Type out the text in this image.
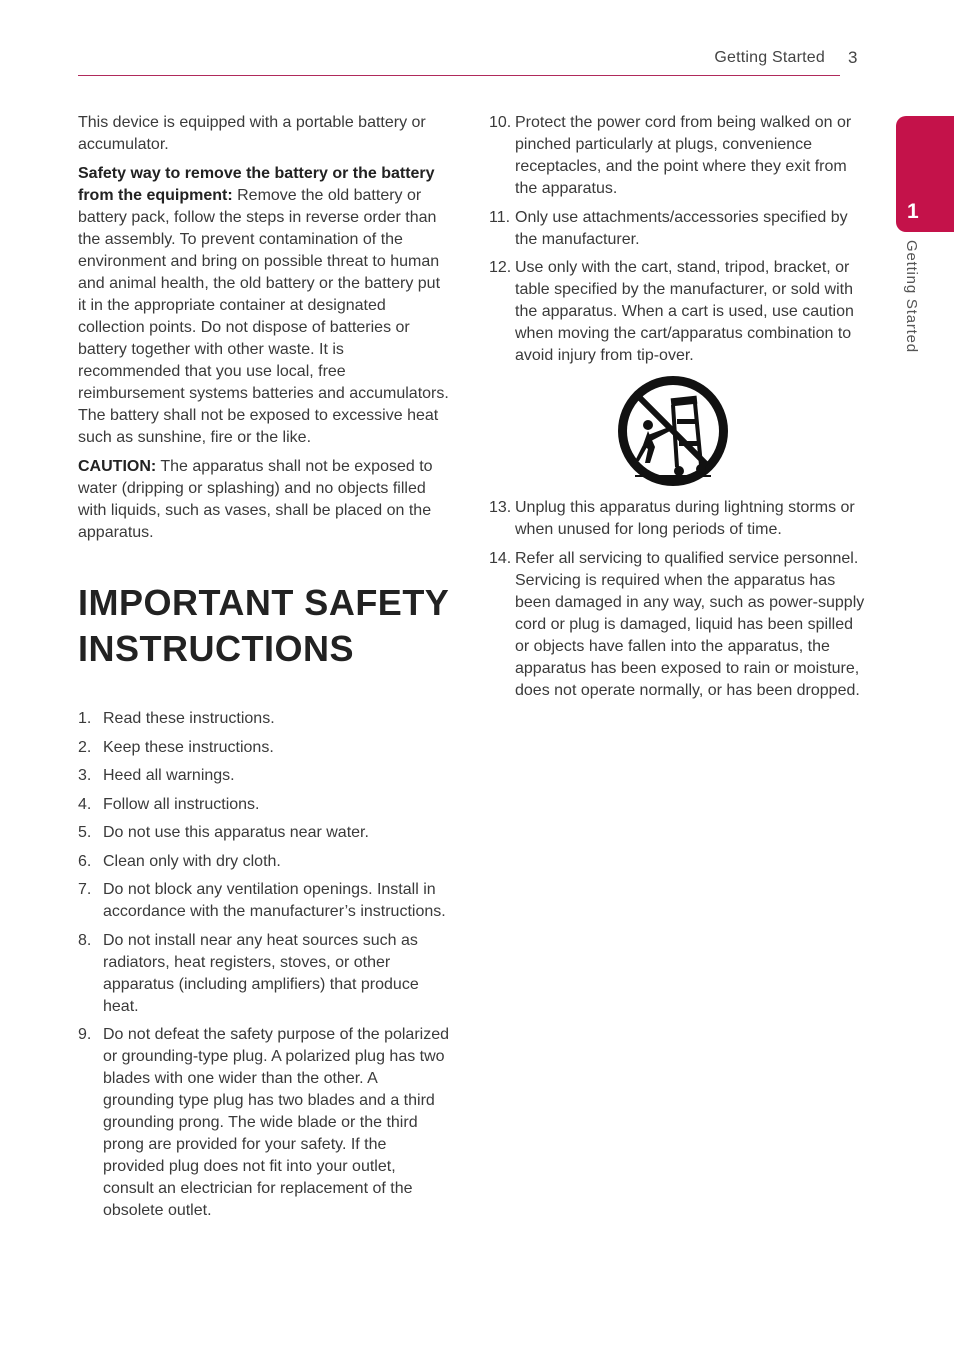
Getting Started 3
1
Getting Started

This device is equipped with a portable battery or accumulator.

Safety way to remove the battery or the battery from the equipment: Remove the old battery or battery pack, follow the steps in reverse order than the assembly. To prevent contamination of the environment and bring on possible threat to human and animal health, the old battery or the battery put it in the appropriate container at designated collection points. Do not dispose of batteries or battery together with other waste. It is recommended that you use local, free reimbursement systems batteries and accumulators. The battery shall not be exposed to excessive heat such as sunshine, fire or the like.

CAUTION: The apparatus shall not be exposed to water (dripping or splashing) and no objects filled with liquids, such as vases, shall be placed on the apparatus.

IMPORTANT SAFETY INSTRUCTIONS
1. Read these instructions.
2. Keep these instructions.
3. Heed all warnings.
4. Follow all instructions.
5. Do not use this apparatus near water.
6. Clean only with dry cloth.
7. Do not block any ventilation openings. Install in accordance with the manufacturer’s instructions.
8. Do not install near any heat sources such as radiators, heat registers, stoves, or other apparatus (including amplifiers) that produce heat.
9. Do not defeat the safety purpose of the polarized or grounding-type plug. A polarized plug has two blades with one wider than the other. A grounding type plug has two blades and a third grounding prong. The wide blade or the third prong are provided for your safety. If the provided plug does not fit into your outlet, consult an electrician for replacement of the obsolete outlet.
10. Protect the power cord from being walked on or pinched particularly at plugs, convenience receptacles, and the point where they exit from the apparatus.
11. Only use attachments/accessories specified by the manufacturer.
12. Use only with the cart, stand, tripod, bracket, or table specified by the manufacturer, or sold with the apparatus. When a cart is used, use caution when moving the cart/apparatus combination to avoid injury from tip-over.
13. Unplug this apparatus during lightning storms or when unused for long periods of time.
14. Refer all servicing to qualified service personnel. Servicing is required when the apparatus has been damaged in any way, such as power-supply cord or plug is damaged, liquid has been spilled or objects have fallen into the apparatus, the apparatus has been exposed to rain or moisture, does not operate normally, or has been dropped.
